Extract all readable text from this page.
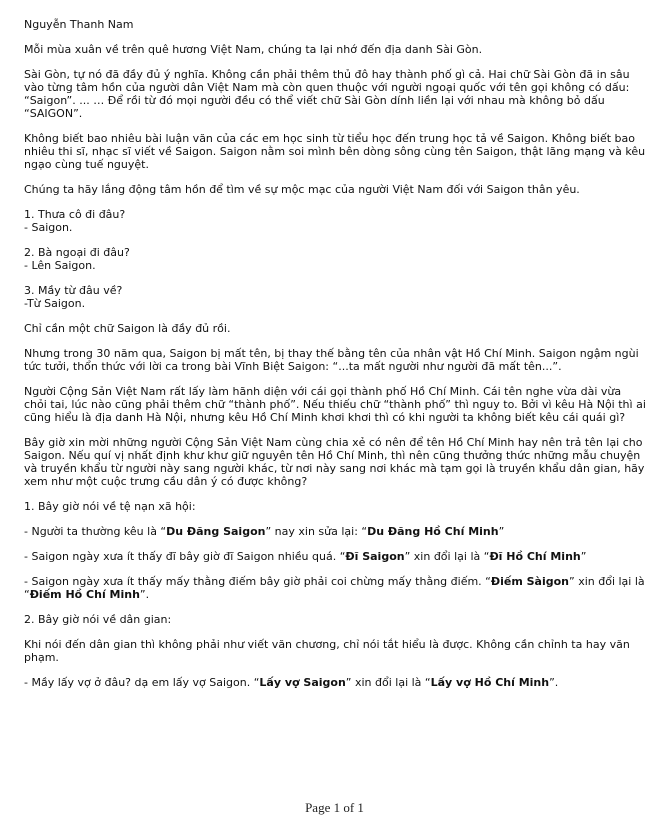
Nguyễn Thanh Nam

Mỗi mùa xuân về trên quê hương Việt Nam, chúng ta lại nhớ đến địa danh Sài Gòn.

Sài Gòn, tự nó đã đầy đủ ý nghĩa. Không cần phải thêm thủ đô hay thành phố gì cả. Hai chữ Sài Gòn đã in sâu vào từng tâm hồn của người dân Việt Nam mà còn quen thuộc với người ngoại quốc với tên gọi không có dấu: “Saigon”. ... … Để rồi từ đó mọi người đều có thể viết chữ Sài Gòn dính liền lại với nhau mà không bỏ dấu “SAIGON”.

Không biết bao nhiêu bài luận văn của các em học sinh từ tiểu học đến trung học tả về Saigon. Không biết bao nhiêu thi sĩ, nhạc sĩ viết về Saigon. Saigon nằm soi mình bên dòng sông cùng tên Saigon, thật lãng mạng và kêu ngạo cùng tuế nguyệt.

Chúng ta hãy lắng động tâm hồn để tìm về sự mộc mạc của người Việt Nam đối với Saigon thân yêu.

1. Thưa cô đi đâu?
- Saigon.
2. Bà ngoại đi đâu?
- Lên Saigon.
3. Mầy từ đâu về?
-Từ Saigon.

Chỉ cần một chữ Saigon là đầy đủ rồi.

Nhưng trong 30 năm qua, Saigon bị mất tên, bị thay thế bằng tên của nhân vật Hồ Chí Minh. Saigon ngậm ngùi tức tưởi, thổn thức với lời ca trong bài Vĩnh Biệt Saigon: “...ta mất người như người đã mất tên...”.

Người Cộng Sản Việt Nam rất lấy làm hãnh diện với cái gọi thành phố Hồ Chí Minh. Cái tên nghe vừa dài vừa chỏi tai, lúc nào cũng phải thêm chữ “thành phố”. Nếu thiếu chữ “thành phố” thì nguy to. Bởi vì kêu Hà Nội thì ai cũng hiểu là địa danh Hà Nội, nhưng kêu Hồ Chí Minh khơi khơi thì có khi người ta không biết kêu cái quái gì?

Bây giờ xin mời những người Cộng Sản Việt Nam cùng chia xẻ có nên để tên Hồ Chí Minh hay nên trả tên lại cho Saigon. Nếu quí vị nhất định khư khư giữ nguyên tên Hồ Chí Minh, thì nên cũng thưởng thức những mẫu chuyện và truyền khẩu từ người này sang người khác, từ nơi này sang nơi khác mà tạm gọi là truyền khẩu dân gian, hãy xem như một cuộc trưng cầu dân ý có được không?

1. Bây giờ nói về tệ nạn xã hội:

- Người ta thường kêu là “Du Đãng Saigon” nay xin sửa lại: “Du Đãng Hồ Chí Minh”

- Saigon ngày xưa ít thấy đĩ bây giờ đĩ Saigon nhiều quá. “Đĩ Saigon” xin đổi lại là “Đĩ Hồ Chí Minh”

- Saigon ngày xưa ít thấy mấy thằng điếm bây giờ phải coi chừng mấy thằng điếm. “Điếm Sàigon” xin đổi lại là “Điếm Hồ Chí Minh”.

2. Bây giờ nói về dân gian:

Khi nói đến dân gian thì không phải như viết văn chương, chỉ nói tắt hiểu là được. Không cần chỉnh ta hay văn phạm.

- Mầy lấy vợ ở đâu? dạ em lấy vợ Saigon. “Lấy vợ Saigon” xin đổi lại là “Lấy vợ Hồ Chí Minh”.

Page 1 of 1
